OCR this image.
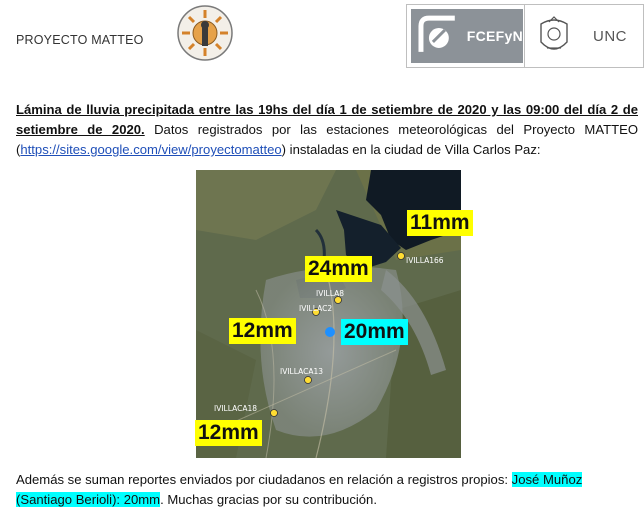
PROYECTO MATTEO	FCEFyN	UNC
Lámina de lluvia precipitada entre las 19hs del día 1 de setiembre de 2020 y las 09:00 del día 2 de setiembre de 2020. Datos registrados por las estaciones meteorológicas del Proyecto MATTEO (https://sites.google.com/view/proyectomatteo) instaladas en la ciudad de Villa Carlos Paz:
IVILLA166
IVILLA8
IVILLAC2
IVILLACA13
IVILLACA18
11mm
24mm
12mm 20mm
12mm
Además se suman reportes enviados por ciudadanos en relación a registros propios: José Muñoz (Santiago Berioli): 20mm. Muchas gracias por su contribución.
